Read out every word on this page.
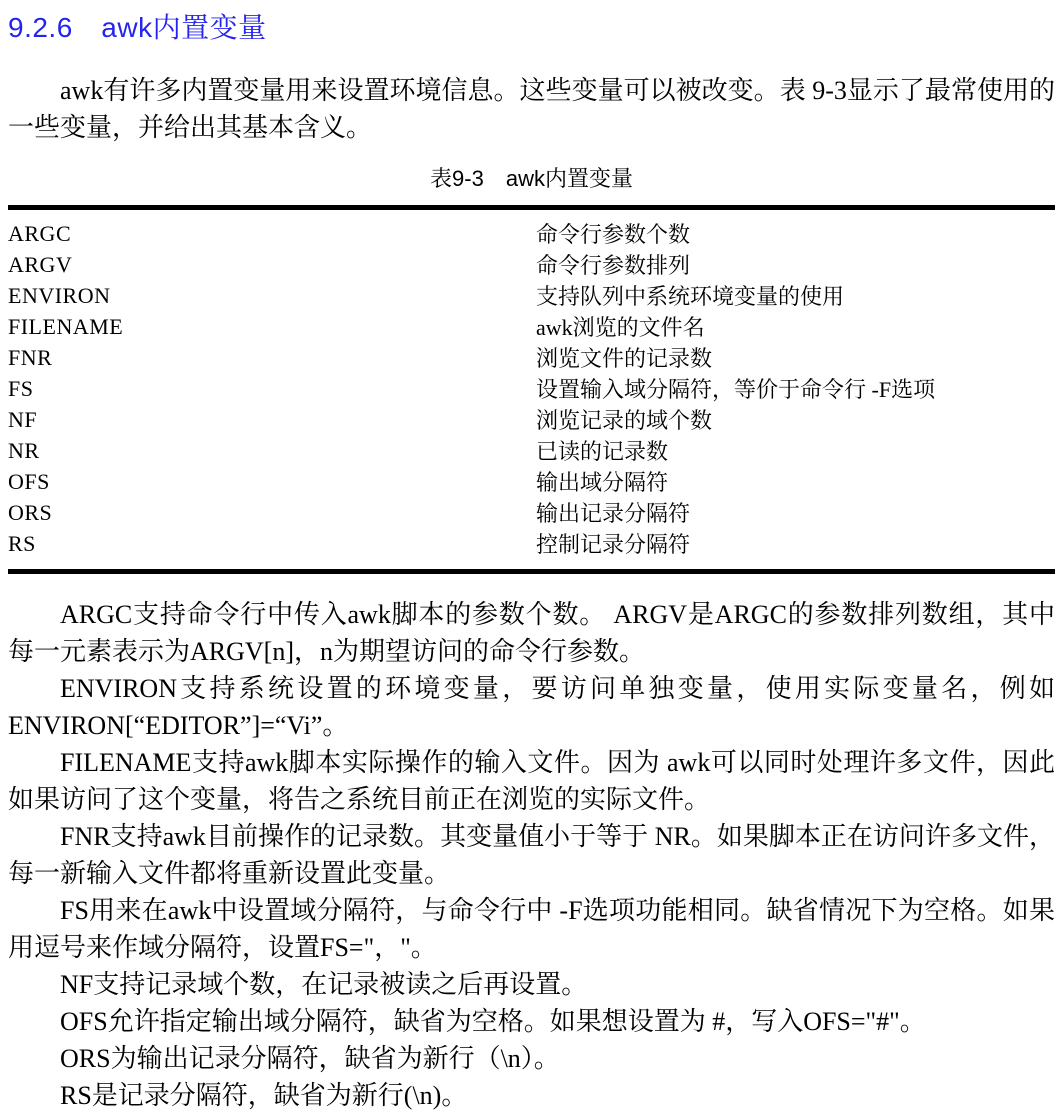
9.2.6　awk内置变量

awk有许多内置变量用来设置环境信息。这些变量可以被改变。表 9-3显示了最常使用的一些变量，并给出其基本含义。

表9-3　awk内置变量
ARGC	命令行参数个数
ARGV	命令行参数排列
ENVIRON	支持队列中系统环境变量的使用
FILENAME	awk浏览的文件名
FNR	浏览文件的记录数
FS	设置输入域分隔符，等价于命令行 -F选项
NF	浏览记录的域个数
NR	已读的记录数
OFS	输出域分隔符
ORS	输出记录分隔符
RS	控制记录分隔符

ARGC支持命令行中传入awk脚本的参数个数。 ARGV是ARGC的参数排列数组，其中每一元素表示为ARGV[n]，n为期望访问的命令行参数。

ENVIRON支持系统设置的环境变量，要访问单独变量，使用实际变量名，例如ENVIRON[“EDITOR”]=“Vi”。

FILENAME支持awk脚本实际操作的输入文件。因为 awk可以同时处理许多文件，因此如果访问了这个变量，将告之系统目前正在浏览的实际文件。

FNR支持awk目前操作的记录数。其变量值小于等于 NR。如果脚本正在访问许多文件，每一新输入文件都将重新设置此变量。

FS用来在awk中设置域分隔符，与命令行中 -F选项功能相同。缺省情况下为空格。如果用逗号来作域分隔符，设置FS="，"。

NF支持记录域个数，在记录被读之后再设置。

OFS允许指定输出域分隔符，缺省为空格。如果想设置为 #，写入OFS="#"。

ORS为输出记录分隔符，缺省为新行（\n）。

RS是记录分隔符，缺省为新行(\n)。
